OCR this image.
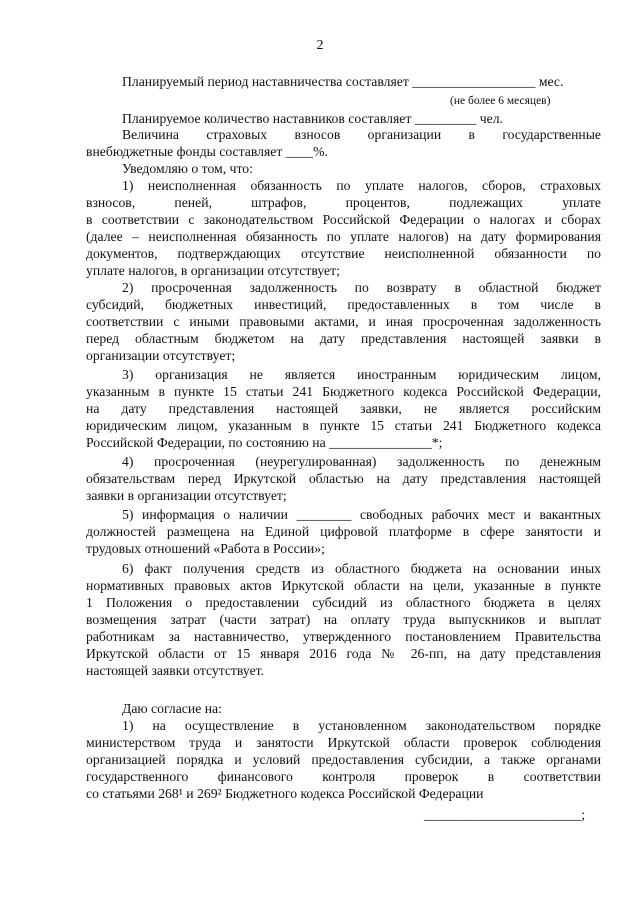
2

Планируемый период наставничества составляет __________________ мес.

(не более 6 месяцев)

Планируемое количество наставников составляет _________ чел.

Величина страховых взносов организации в государственные

внебюджетные фонды составляет ____%.

Уведомляю о том, что:

1) неисполненная обязанность по уплате налогов, сборов, страховых

взносов, пеней, штрафов, процентов, подлежащих уплате

в соответствии с законодательством Российской Федерации о налогах и сборах

(далее – неисполненная обязанность по уплате налогов) на дату формирования

документов, подтверждающих отсутствие неисполненной обязанности по

уплате налогов, в организации отсутствует;

2) просроченная задолженность по возврату в областной бюджет

субсидий, бюджетных инвестиций, предоставленных в том числе в

соответствии с иными правовыми актами, и иная просроченная задолженность

перед областным бюджетом на дату представления настоящей заявки в

организации отсутствует;

3) организация не является иностранным юридическим лицом,

указанным в пункте 15 статьи 241 Бюджетного кодекса Российской Федерации,

на дату представления настоящей заявки, не является российским

юридическим лицом, указанным в пункте 15 статьи 241 Бюджетного кодекса

Российской Федерации, по состоянию на _______________*;

4) просроченная (неурегулированная) задолженность по денежным

обязательствам перед Иркутской областью на дату представления настоящей

заявки в организации отсутствует;

5) информация о наличии ________ свободных рабочих мест и вакантных

должностей размещена на Единой цифровой платформе в сфере занятости и

трудовых отношений «Работа в России»;

6) факт получения средств из областного бюджета на основании иных

нормативных правовых актов Иркутской области на цели, указанные в пункте

1 Положения о предоставлении субсидий из областного бюджета в целях

возмещения затрат (части затрат) на оплату труда выпускников и выплат

работникам за наставничество, утвержденного постановлением Правительства

Иркутской области от 15 января 2016 года № 26-пп, на дату представления

настоящей заявки отсутствует.

Даю согласие на:

1) на осуществление в установленном законодательством порядке

министерством труда и занятости Иркутской области проверок соблюдения

организацией порядка и условий предоставления субсидии, а также органами

государственного финансового контроля проверок в соответствии

со статьями 268¹ и 269² Бюджетного кодекса Российской Федерации

_______________________;
